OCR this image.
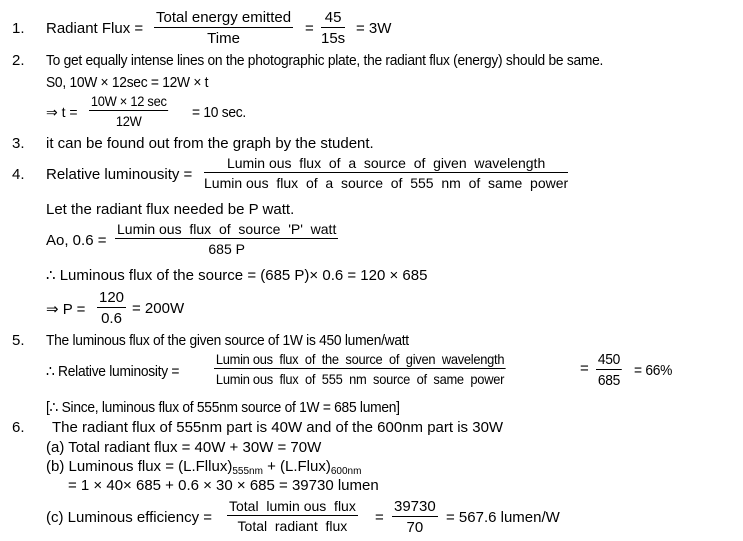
1. Radiant Flux =
Total energy emitted
Time
= $\frac{45}{15s} = 3W$
2. To get equally intense lines on the photographic plate, the radiant flux (energy) should be same.
S0, 10W × 12sec = 12W × t
⇒ t =
10W × 12 sec
12W	= 10 sec.
3. it can be found out from the graph by the student.
4. Relative luminousity =
Lumin ous  flux  of  a  source  of  given  wavelength
Lumin ous  flux  of  a  source  of  555  nm  of  same  power
Let the radiant flux needed be P watt.
Ao, 0.6 =
Lumin ous  flux  of  source  'P'  watt
685 P
∴ Luminous flux of the source = (685 P)× 0.6 = 120 × 685
⇒ $P = \frac{120}{0.6} = 200W$
5. The luminous flux of the given source of 1W is 450 lumen/watt
∴ Relative luminosity =
Lumin ous  flux  of  the  source  of  given  wavelength
Lumin ous  flux  of  555  nm  source  of  same  power
= $\frac{450}{685} = 66\%$
[∴ Since, luminous flux of 555nm source of 1W = 685 lumen]
6. The radiant flux of 555nm part is 40W and of the 600nm part is 30W
(a) Total radiant flux = 40W + 30W = 70W
(b) Luminous flux = $(L.Fllux)_{555nm}$ + $(L.Flux)_{600nm}$
= 1 × 40× 685 + 0.6 × 30 × 685 = 39730 lumen
(c) Luminous efficiency =
Total  lumin ous  flux
Total  radiant  flux	= $\frac{39730}{70} = 567.6$ lumen/W
